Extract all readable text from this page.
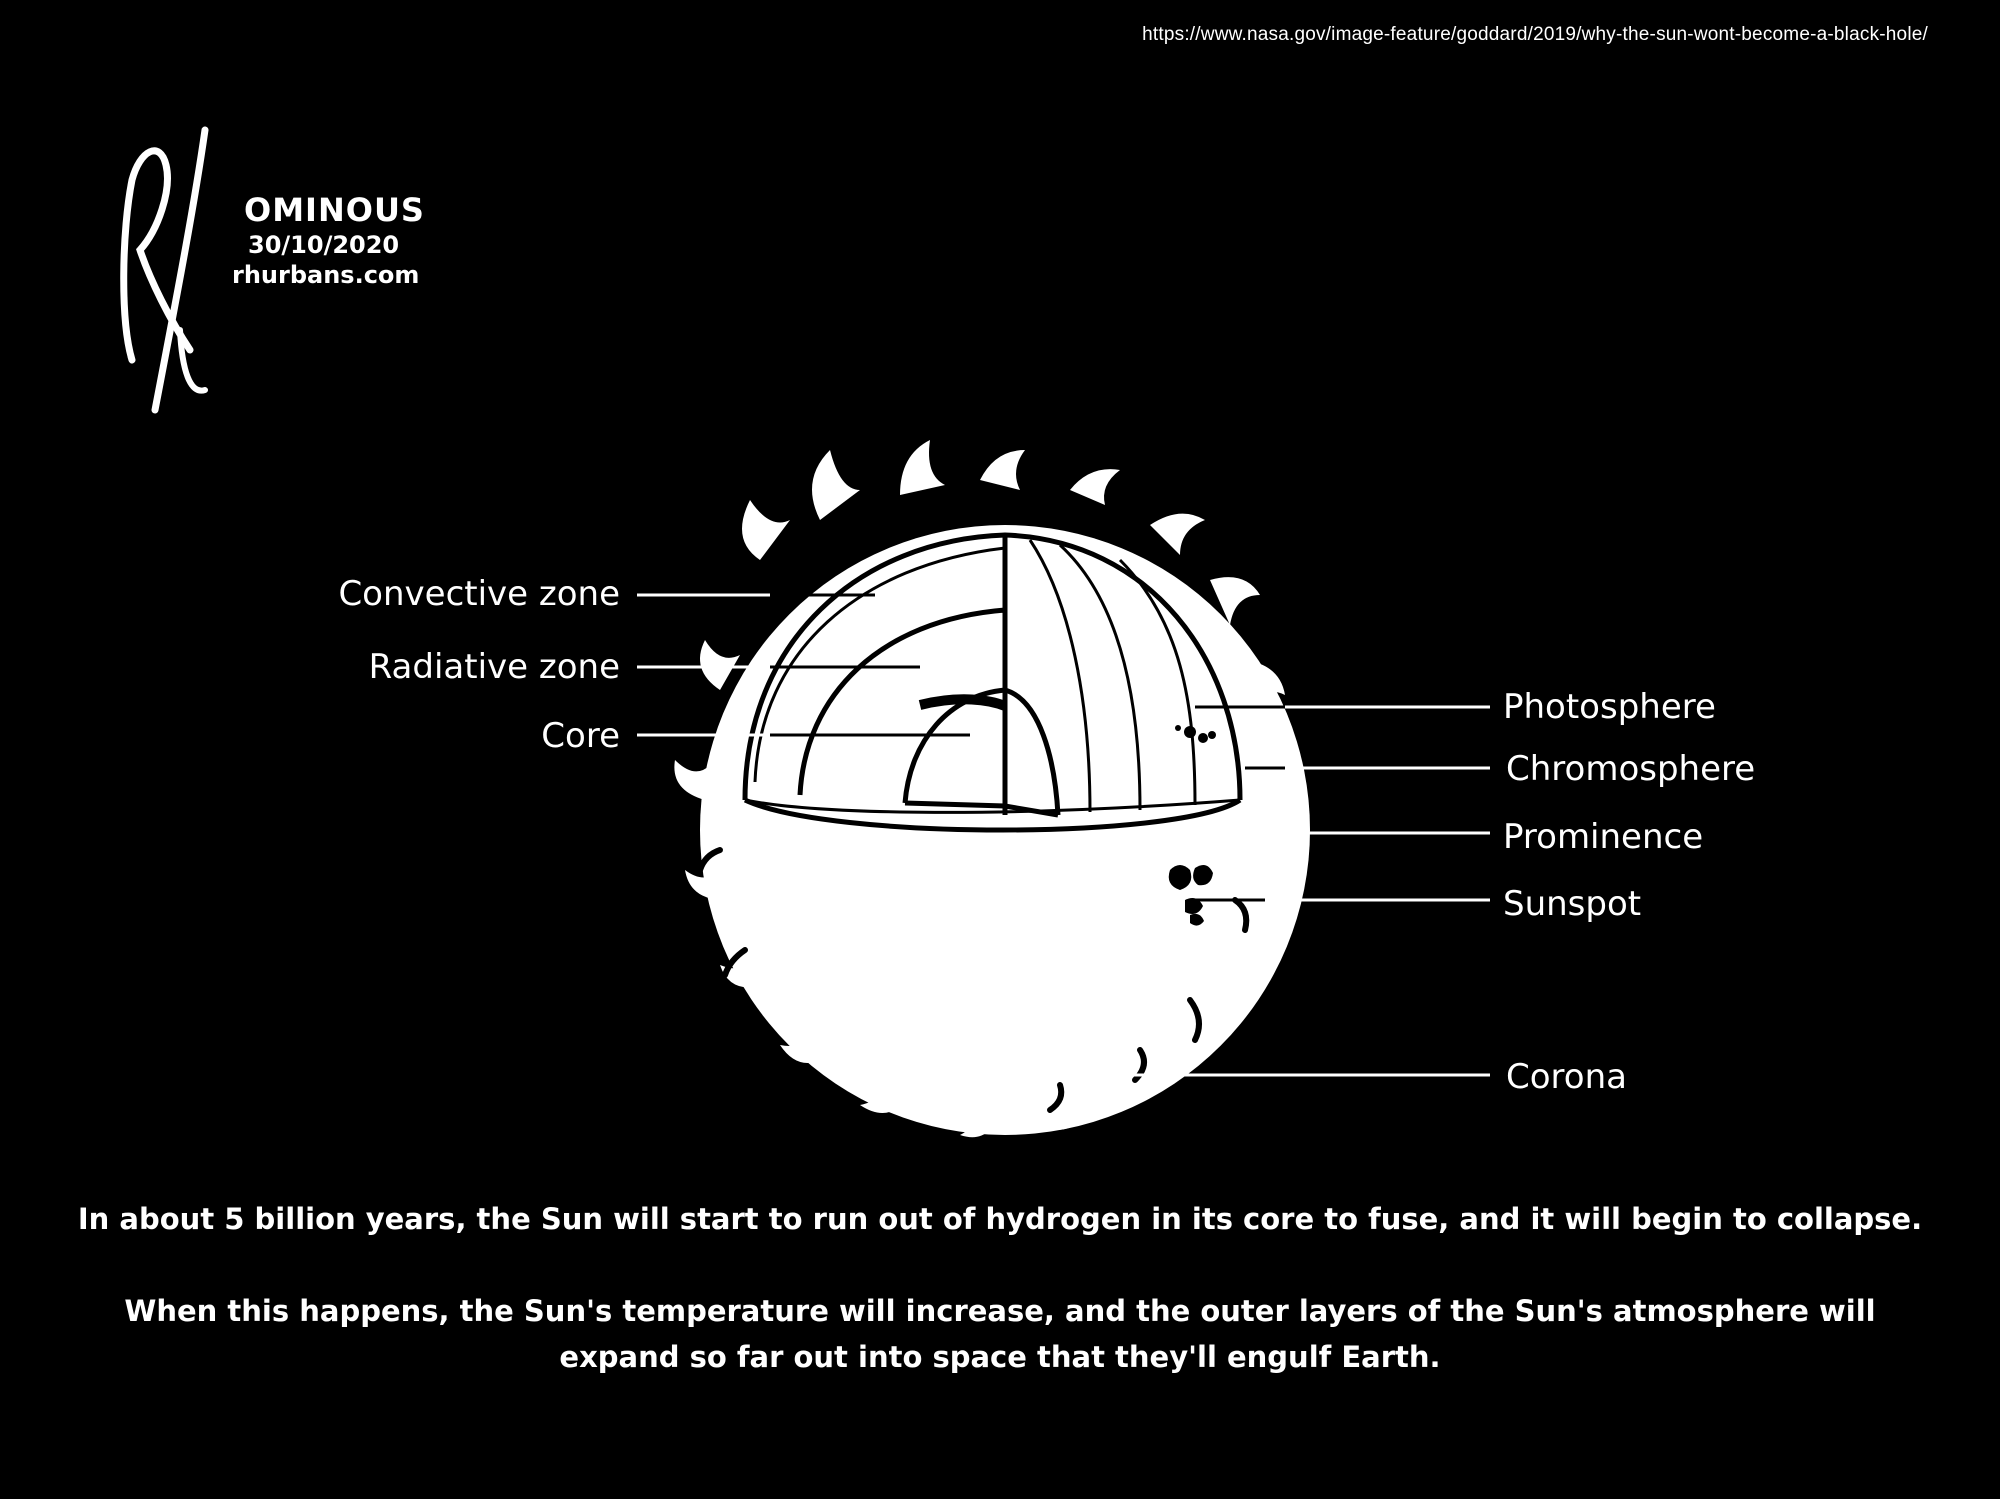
https://www.nasa.gov/image-feature/goddard/2019/why-the-sun-wont-become-a-black-hole/
OMINOUS
30/10/2020
rhurbans.com
Convective zone
Radiative zone
Core
Photosphere
Chromosphere
Prominence
Sunspot
Corona
In about 5 billion years, the Sun will start to run out of hydrogen in its core to fuse, and it will begin to collapse.
When this happens, the Sun's temperature will increase, and the outer layers of the Sun's atmosphere will expand so far out into space that they'll engulf Earth.
